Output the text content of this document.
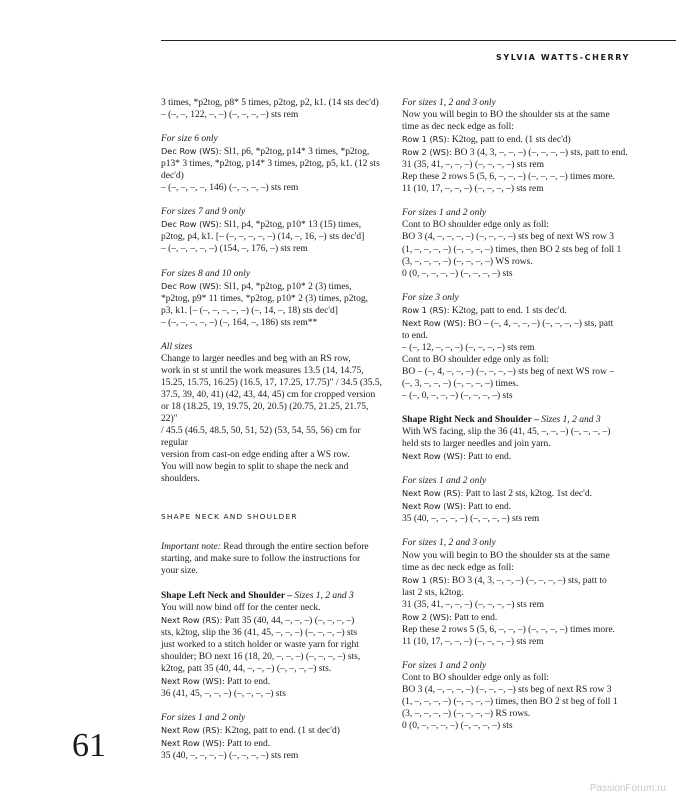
SYLVIA WATTS-CHERRY

3 times, *p2tog, p8* 5 times, p2tog, p2, k1. (14 sts dec'd)

– (–, –, 122, –, –) (–, –, –, –) sts rem

For size 6 only

Dec Row (WS): Sl1, p6, *p2tog, p14* 3 times, *p2tog,

p13* 3 times, *p2tog, p14* 3 times, p2tog, p5, k1. (12 sts

dec'd)

– (–, –, –, –, 146) (–, –, –, –) sts rem

For sizes 7 and 9 only

Dec Row (WS): Sl1, p4, *p2tog, p10* 13 (15) times,

p2tog, p4, k1. [– (–, –, –, –, –) (14, –, 16, –) sts dec'd]

– (–, –, –, –, –) (154, –, 176, –) sts rem

For sizes 8 and 10 only

Dec Row (WS): Sl1, p4, *p2tog, p10* 2 (3) times,

*p2tog, p9* 11 times, *p2tog, p10* 2 (3) times, p2tog,

p3, k1. [– (–, –, –, –, –) (–, 14, –, 18) sts dec'd]

– (–, –, –, –, –) (–, 164, –, 186) sts rem**

All sizes

Change to larger needles and beg with an RS row,

work in st st until the work measures 13.5 (14, 14.75,

15.25, 15.75, 16.25) (16.5, 17, 17.25, 17.75)" / 34.5 (35.5,

37.5, 39, 40, 41) (42, 43, 44, 45) cm for cropped version

or 18 (18.25, 19, 19.75, 20, 20.5) (20.75, 21.25, 21.75, 22)"

/ 45.5 (46.5, 48.5, 50, 51, 52) (53, 54, 55, 56) cm for regular

version from cast-on edge ending after a WS row.

You will now begin to split to shape the neck and

shoulders.

SHAPE NECK AND SHOULDER

Important note: Read through the entire section before

starting, and make sure to follow the instructions for

your size.

Shape Left Neck and Shoulder – Sizes 1, 2 and 3

You will now bind off for the center neck.

Next Row (RS): Patt 35 (40, 44, –, –, –) (–, –, –, –)

sts, k2tog, slip the 36 (41, 45, –, –, –) (–, –, –, –) sts

just worked to a stitch holder or waste yarn for right

shoulder; BO next 16 (18, 20, –, –, –) (–, –, –, –) sts,

k2tog, patt 35 (40, 44, –, –, –) (–, –, –, –) sts.

Next Row (WS): Patt to end.

36 (41, 45, –, –, –) (–, –, –, –) sts

For sizes 1 and 2 only

Next Row (RS): K2tog, patt to end. (1 st dec'd)

Next Row (WS): Patt to end.

35 (40, –, –, –, –) (–, –, –, –) sts rem

For sizes 1, 2 and 3 only

Now you will begin to BO the shoulder sts at the same

time as dec neck edge as foll:

Row 1 (RS): K2tog, patt to end. (1 sts dec'd)

Row 2 (WS): BO 3 (4, 3, –, –, –) (–, –, –, –) sts, patt to end.

31 (35, 41, –, –, –) (–, –, –, –) sts rem

Rep these 2 rows 5 (5, 6, –, –, –) (–, –, –, –) times more.

11 (10, 17, –, –, –) (–, –, –, –) sts rem

For sizes 1 and 2 only

Cont to BO shoulder edge only as foll:

BO 3 (4, –, –, –, –) (–, –, –, –) sts beg of next WS row 3

(1, –, –, –, –) (–, –, –, –) times, then BO 2 sts beg of foll 1

(3, –, –, –, –) (–, –, –, –) WS rows.

0 (0, –, –, –, –) (–, –, –, –) sts

For size 3 only

Row 1 (RS): K2tog, patt to end. 1 sts dec'd.

Next Row (WS): BO – (–, 4, –, –, –) (–, –, –, –) sts, patt

to end.

– (–, 12, –, –, –) (–, –, –, –) sts rem

Cont to BO shoulder edge only as foll:

BO – (–, 4, –, –, –) (–, –, –, –) sts beg of next WS row –

(–, 3, –, –, –) (–, –, –, –) times.

– (–, 0, –, –, –) (–, –, –, –) sts

Shape Right Neck and Shoulder – Sizes 1, 2 and 3

With WS facing, slip the 36 (41, 45, –, –, –) (–, –, –, –)

held sts to larger needles and join yarn.

Next Row (WS): Patt to end.

For sizes 1 and 2 only

Next Row (RS): Patt to last 2 sts, k2tog. 1st dec'd.

Next Row (WS): Patt to end.

35 (40, –, –, –, –) (–, –, –, –) sts rem

For sizes 1, 2 and 3 only

Now you will begin to BO the shoulder sts at the same

time as dec neck edge as foll:

Row 1 (RS): BO 3 (4, 3, –, –, –) (–, –, –, –) sts, patt to

last 2 sts, k2tog.

31 (35, 41, –, –, –) (–, –, –, –) sts rem

Row 2 (WS): Patt to end.

Rep these 2 rows 5 (5, 6, –, –, –) (–, –, –, –) times more.

11 (10, 17, –, –, –) (–, –, –, –) sts rem

For sizes 1 and 2 only

Cont to BO shoulder edge only as foll:

BO 3 (4, –, –, –, –) (–, –, –, –) sts beg of next RS row 3

(1, –, –, –, –) (–, –, –, –) times, then BO 2 st beg of foll 1

(3, –, –, –, –) (–, –, –, –) RS rows.

0 (0, –, –, –, –) (–, –, –, –) sts

61
PassionForum.ru
